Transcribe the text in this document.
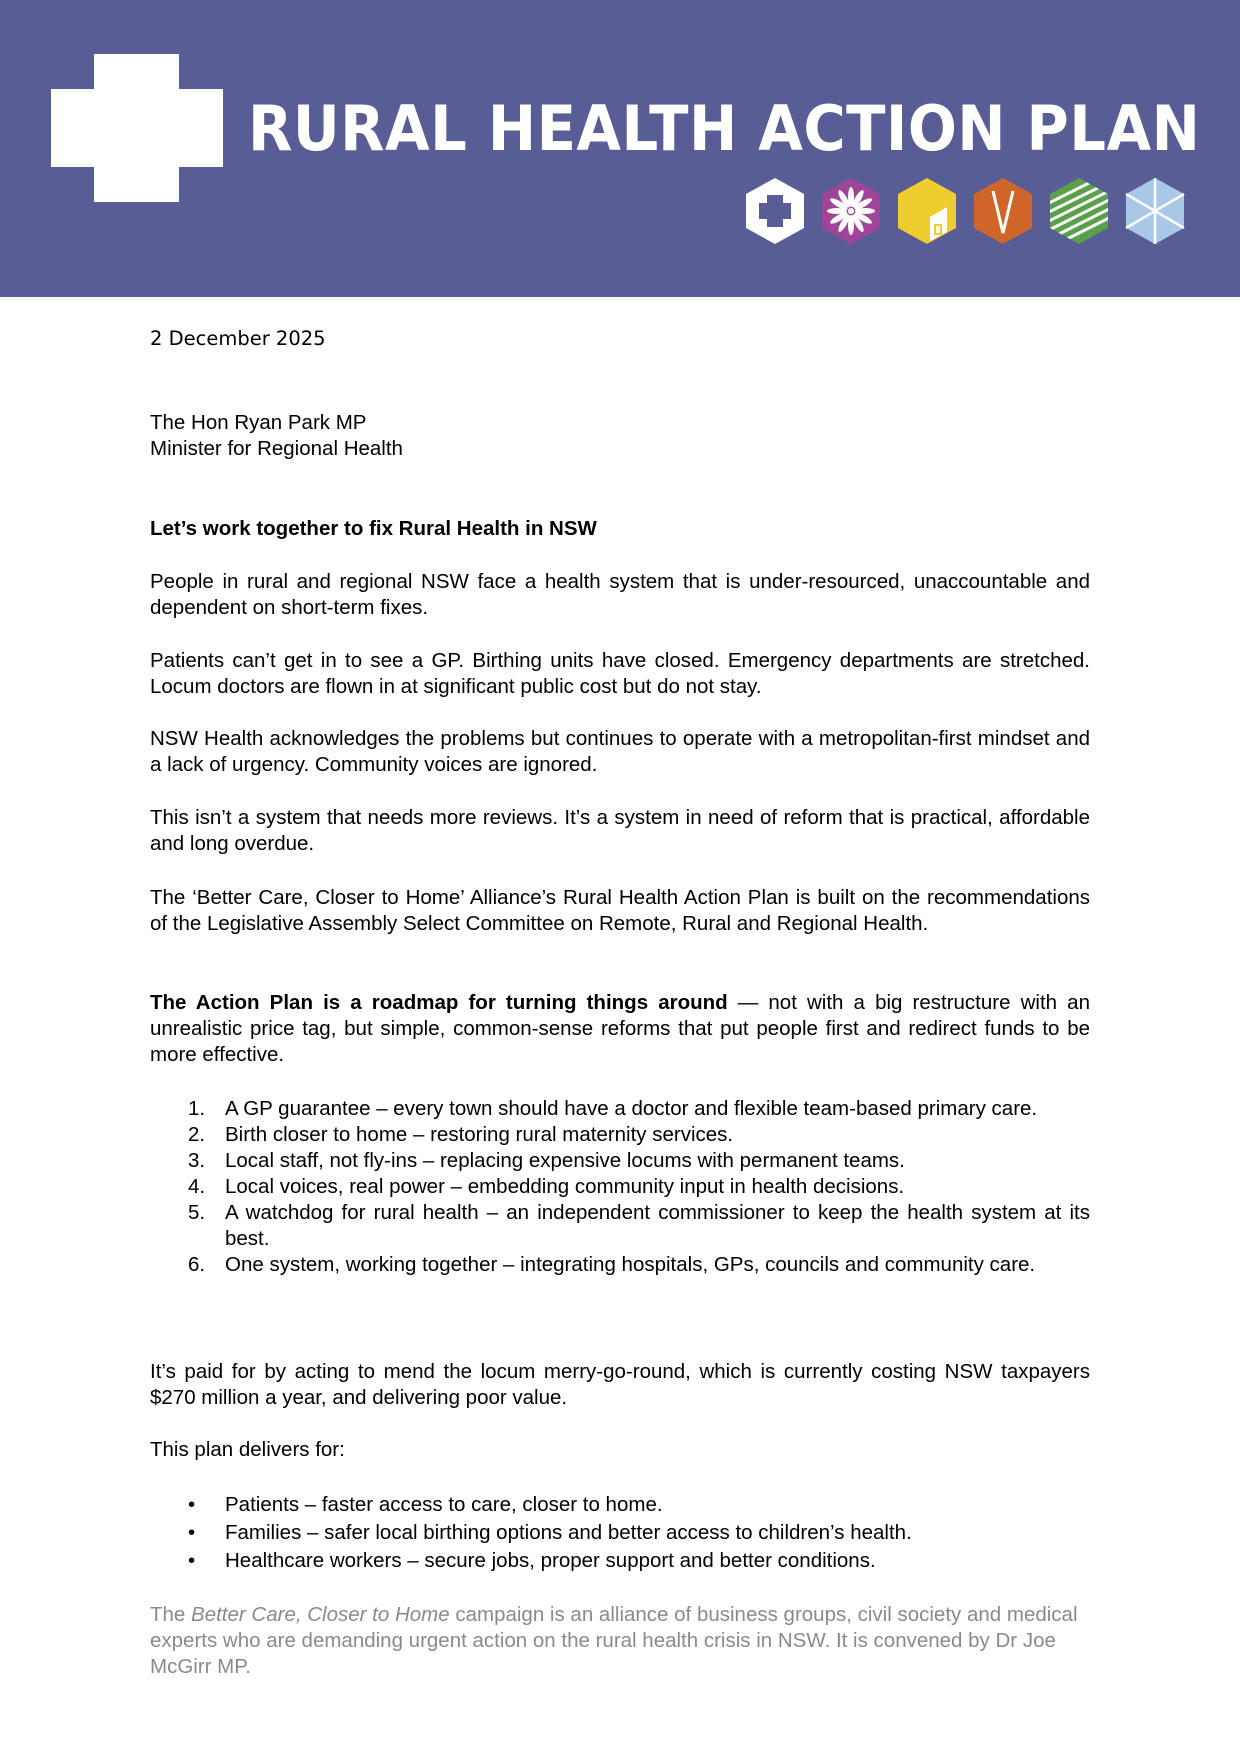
RURAL HEALTH ACTION PLAN
2 December 2025
The Hon Ryan Park MP
Minister for Regional Health
Let’s work together to fix Rural Health in NSW
People in rural and regional NSW face a health system that is under-resourced, unaccountable and dependent on short-term fixes.
Patients can’t get in to see a GP. Birthing units have closed. Emergency departments are stretched. Locum doctors are flown in at significant public cost but do not stay.
NSW Health acknowledges the problems but continues to operate with a metropolitan-first mindset and a lack of urgency. Community voices are ignored.
This isn’t a system that needs more reviews. It’s a system in need of reform that is practical, affordable and long overdue.
The ‘Better Care, Closer to Home’ Alliance’s Rural Health Action Plan is built on the recommendations of the Legislative Assembly Select Committee on Remote, Rural and Regional Health.
The Action Plan is a roadmap for turning things around — not with a big restructure with an unrealistic price tag, but simple, common-sense reforms that put people first and redirect funds to be more effective.
1. A GP guarantee – every town should have a doctor and flexible team-based primary care.
2. Birth closer to home – restoring rural maternity services.
3. Local staff, not fly-ins – replacing expensive locums with permanent teams.
4. Local voices, real power – embedding community input in health decisions.
5. A watchdog for rural health – an independent commissioner to keep the health system at its best.
6. One system, working together – integrating hospitals, GPs, councils and community care.
It’s paid for by acting to mend the locum merry-go-round, which is currently costing NSW taxpayers $270 million a year, and delivering poor value.
This plan delivers for:
• Patients – faster access to care, closer to home.
• Families – safer local birthing options and better access to children’s health.
• Healthcare workers – secure jobs, proper support and better conditions.
The Better Care, Closer to Home campaign is an alliance of business groups, civil society and medical experts who are demanding urgent action on the rural health crisis in NSW. It is convened by Dr Joe McGirr MP.
